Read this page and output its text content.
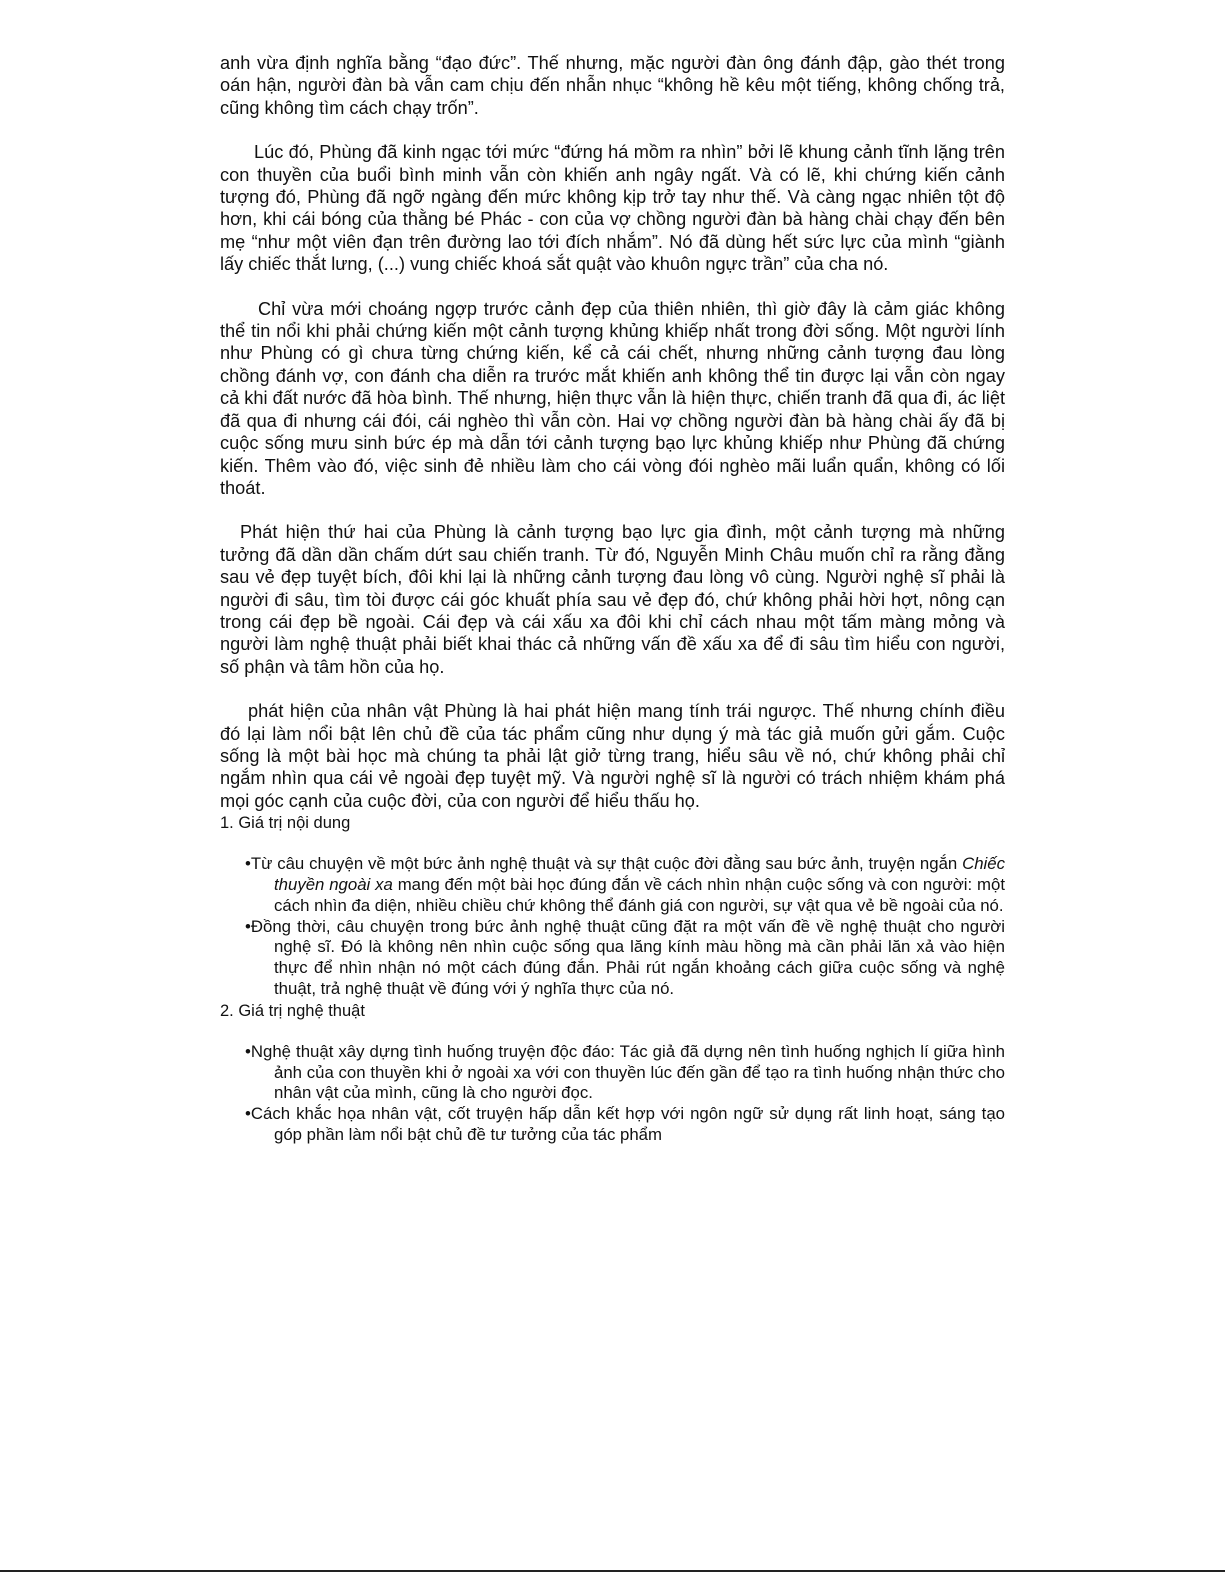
anh vừa định nghĩa bằng “đạo đức”. Thế nhưng, mặc người đàn ông đánh đập, gào thét trong oán hận, người đàn bà vẫn cam chịu đến nhẫn nhục “không hề kêu một tiếng, không chống trả, cũng không tìm cách chạy trốn”.

Lúc đó, Phùng đã kinh ngạc tới mức “đứng há mồm ra nhìn” bởi lẽ khung cảnh tĩnh lặng trên con thuyền của buổi bình minh vẫn còn khiến anh ngây ngất. Và có lẽ, khi chứng kiến cảnh tượng đó, Phùng đã ngỡ ngàng đến mức không kịp trở tay như thế. Và càng ngạc nhiên tột độ hơn, khi cái bóng của thằng bé Phác - con của vợ chồng người đàn bà hàng chài chạy đến bên mẹ “như một viên đạn trên đường lao tới đích nhắm”. Nó đã dùng hết sức lực của mình “giành lấy chiếc thắt lưng, (...) vung chiếc khoá sắt quật vào khuôn ngực trần” của cha nó.

Chỉ vừa mới choáng ngợp trước cảnh đẹp của thiên nhiên, thì giờ đây là cảm giác không thể tin nổi khi phải chứng kiến một cảnh tượng khủng khiếp nhất trong đời sống. Một người lính như Phùng có gì chưa từng chứng kiến, kể cả cái chết, nhưng những cảnh tượng đau lòng chồng đánh vợ, con đánh cha diễn ra trước mắt khiến anh không thể tin được lại vẫn còn ngay cả khi đất nước đã hòa bình. Thế nhưng, hiện thực vẫn là hiện thực, chiến tranh đã qua đi, ác liệt đã qua đi nhưng cái đói, cái nghèo thì vẫn còn. Hai vợ chồng người đàn bà hàng chài ấy đã bị cuộc sống mưu sinh bức ép mà dẫn tới cảnh tượng bạo lực khủng khiếp như Phùng đã chứng kiến. Thêm vào đó, việc sinh đẻ nhiều làm cho cái vòng đói nghèo mãi luẩn quẩn, không có lối thoát.

Phát hiện thứ hai của Phùng là cảnh tượng bạo lực gia đình, một cảnh tượng mà những tưởng đã dần dần chấm dứt sau chiến tranh. Từ đó, Nguyễn Minh Châu muốn chỉ ra rằng đằng sau vẻ đẹp tuyệt bích, đôi khi lại là những cảnh tượng đau lòng vô cùng. Người nghệ sĩ phải là người đi sâu, tìm tòi được cái góc khuất phía sau vẻ đẹp đó, chứ không phải hời hợt, nông cạn trong cái đẹp bề ngoài. Cái đẹp và cái xấu xa đôi khi chỉ cách nhau một tấm màng mỏng và người làm nghệ thuật phải biết khai thác cả những vấn đề xấu xa để đi sâu tìm hiểu con người, số phận và tâm hồn của họ.

phát hiện của nhân vật Phùng là hai phát hiện mang tính trái ngược. Thế nhưng chính điều đó lại làm nổi bật lên chủ đề của tác phẩm cũng như dụng ý mà tác giả muốn gửi gắm. Cuộc sống là một bài học mà chúng ta phải lật giở từng trang, hiểu sâu về nó, chứ không phải chỉ ngắm nhìn qua cái vẻ ngoài đẹp tuyệt mỹ. Và người nghệ sĩ là người có trách nhiệm khám phá mọi góc cạnh của cuộc đời, của con người để hiểu thấu họ.

1. Giá trị nội dung
•Từ câu chuyện về một bức ảnh nghệ thuật và sự thật cuộc đời đằng sau bức ảnh, truyện ngắn Chiếc thuyền ngoài xa mang đến một bài học đúng đắn về cách nhìn nhận cuộc sống và con người: một cách nhìn đa diện, nhiều chiều chứ không thể đánh giá con người, sự vật qua vẻ bề ngoài của nó.
•Đồng thời, câu chuyện trong bức ảnh nghệ thuật cũng đặt ra một vấn đề về nghệ thuật cho người nghệ sĩ. Đó là không nên nhìn cuộc sống qua lăng kính màu hồng mà cần phải lăn xả vào hiện thực để nhìn nhận nó một cách đúng đắn. Phải rút ngắn khoảng cách giữa cuộc sống và nghệ thuật, trả nghệ thuật về đúng với ý nghĩa thực của nó.
2. Giá trị nghệ thuật
•Nghệ thuật xây dựng tình huống truyện độc đáo: Tác giả đã dựng nên tình huống nghịch lí giữa hình ảnh của con thuyền khi ở ngoài xa với con thuyền lúc đến gần để tạo ra tình huống nhận thức cho nhân vật của mình, cũng là cho người đọc.
•Cách khắc họa nhân vật, cốt truyện hấp dẫn kết hợp với ngôn ngữ sử dụng rất linh hoạt, sáng tạo góp phần làm nổi bật chủ đề tư tưởng của tác phẩm
